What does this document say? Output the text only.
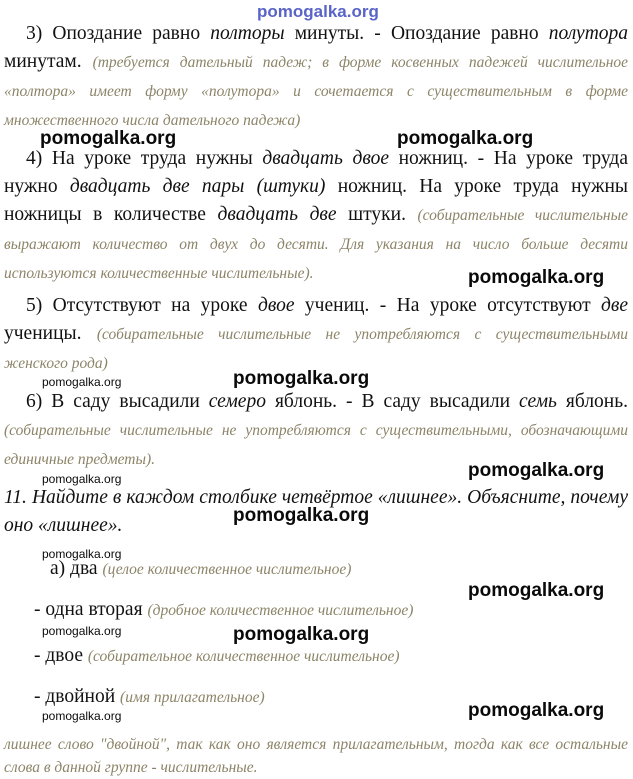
pomogalka.org
pomogalka.org	pomogalka.org
pomogalka.org
pomogalka.org	pomogalka.org
pomogalka.org
pomogalka.org
pomogalka.org
pomogalka.org
pomogalka.org
pomogalka.org	pomogalka.org
pomogalka.org	pomogalka.org
3) Опоздание равно полторы минуты. - Опоздание равно полутора минутам. (требуется дательный падеж; в форме косвенных падежей числительное «полтора» имеет форму «полутора» и сочетается с существительным в форме множественного числа дательного падежа)
4) На уроке труда нужны двадцать двое ножниц. - На уроке труда нужно двадцать две пары (штуки) ножниц. На уроке труда нужны ножницы в количестве двадцать две штуки. (собирательные числительные выражают количество от двух до десяти. Для указания на число больше десяти используются количественные числительные).
5) Отсутствуют на уроке двое учениц. - На уроке отсутствуют две ученицы. (собирательные числительные не употребляются с существительными женского рода)
6) В саду высадили семеро яблонь. - В саду высадили семь яблонь. (собирательные числительные не употребляются с существительными, обозначающими единичные предметы).
11. Найдите в каждом столбике четвёртое «лишнее». Объясните, почему оно «лишнее».
а) два (целое количественное числительное)
- одна вторая (дробное количественное числительное)
- двое (собирательное количественное числительное)
- двойной (имя прилагательное)
лишнее слово "двойной", так как оно является прилагательным, тогда как все остальные слова в данной группе - числительные.
